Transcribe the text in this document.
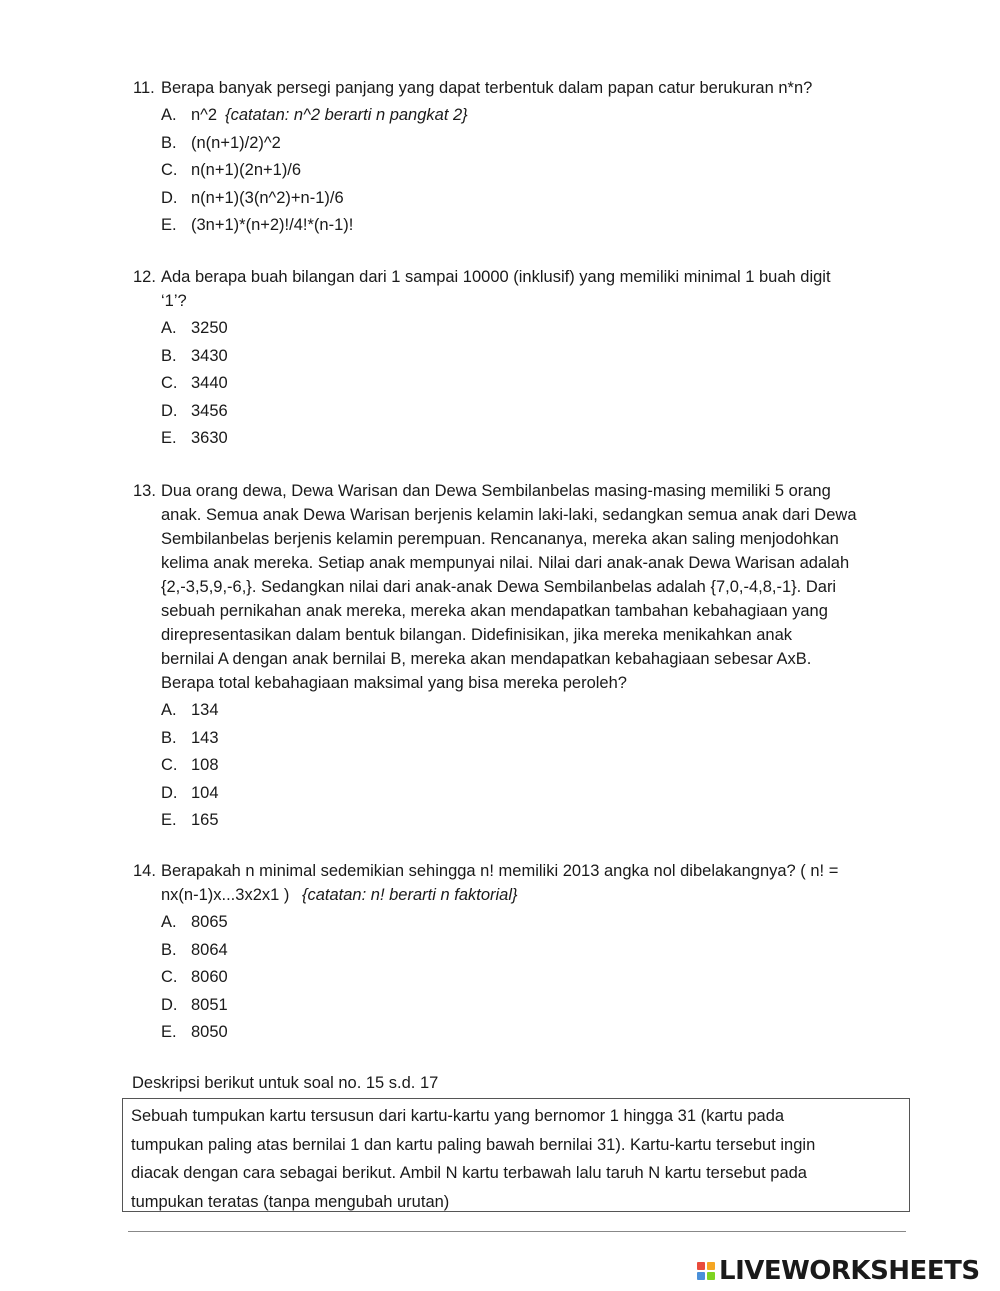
11. Berapa banyak persegi panjang yang dapat terbentuk dalam papan catur berukuran n*n?
A. n^2 {catatan: n^2 berarti n pangkat 2}
B. (n(n+1)/2)^2
C. n(n+1)(2n+1)/6
D. n(n+1)(3(n^2)+n-1)/6
E. (3n+1)*(n+2)!/4!*(n-1)!
12. Ada berapa buah bilangan dari 1 sampai 10000 (inklusif) yang memiliki minimal 1 buah digit
‘1’?
A. 3250
B. 3430
C. 3440
D. 3456
E. 3630
13. Dua orang dewa, Dewa Warisan dan Dewa Sembilanbelas masing-masing memiliki 5 orang
anak. Semua anak Dewa Warisan berjenis kelamin laki-laki, sedangkan semua anak dari Dewa
Sembilanbelas berjenis kelamin perempuan. Rencananya, mereka akan saling menjodohkan
kelima anak mereka. Setiap anak mempunyai nilai. Nilai dari anak-anak Dewa Warisan adalah
{2,-3,5,9,-6,}. Sedangkan nilai dari anak-anak Dewa Sembilanbelas adalah {7,0,-4,8,-1}. Dari
sebuah pernikahan anak mereka, mereka akan mendapatkan tambahan kebahagiaan yang
direpresentasikan dalam bentuk bilangan. Didefinisikan, jika mereka menikahkan anak
bernilai A dengan anak bernilai B, mereka akan mendapatkan kebahagiaan sebesar AxB.
Berapa total kebahagiaan maksimal yang bisa mereka peroleh?
A. 134
B. 143
C. 108
D. 104
E. 165
14. Berapakah n minimal sedemikian sehingga n! memiliki 2013 angka nol dibelakangnya? ( n! =
nx(n-1)x...3x2x1 ) {catatan: n! berarti n faktorial}
A. 8065
B. 8064
C. 8060
D. 8051
E. 8050
Deskripsi berikut untuk soal no. 15 s.d. 17
Sebuah tumpukan kartu tersusun dari kartu-kartu yang bernomor 1 hingga 31 (kartu pada
tumpukan paling atas bernilai 1 dan kartu paling bawah bernilai 31). Kartu-kartu tersebut ingin
diacak dengan cara sebagai berikut. Ambil N kartu terbawah lalu taruh N kartu tersebut pada
tumpukan teratas (tanpa mengubah urutan)
LIVEWORKSHEETS
